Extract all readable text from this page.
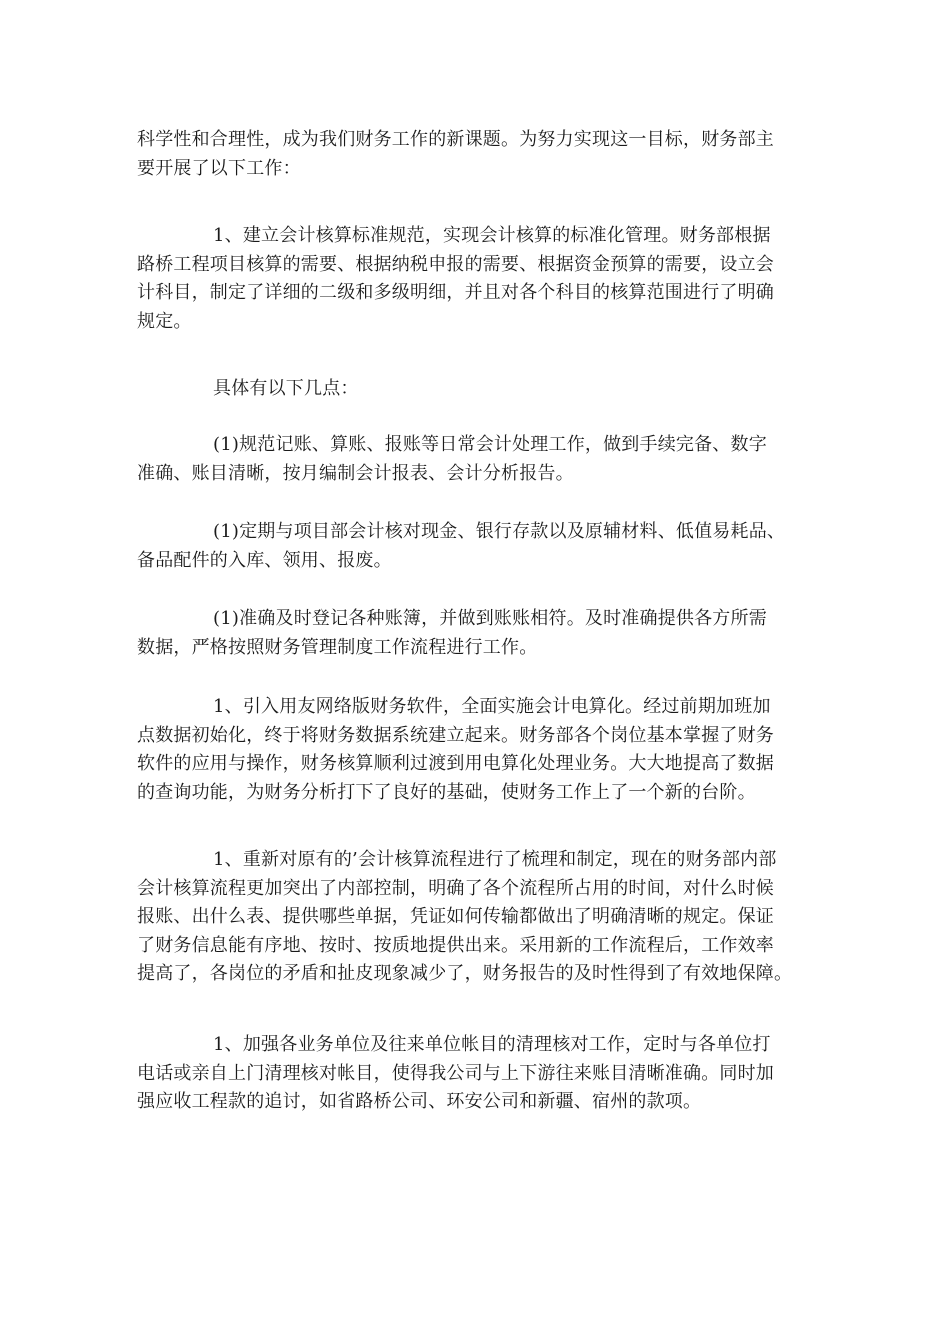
科学性和合理性，成为我们财务工作的新课题。为努力实现这一目标，财务部主
要开展了以下工作：

1、建立会计核算标准规范，实现会计核算的标准化管理。财务部根据
路桥工程项目核算的需要、根据纳税申报的需要、根据资金预算的需要，设立会
计科目，制定了详细的二级和多级明细，并且对各个科目的核算范围进行了明确
规定。

具体有以下几点：

(1)规范记账、算账、报账等日常会计处理工作，做到手续完备、数字
准确、账目清晰，按月编制会计报表、会计分析报告。

(1)定期与项目部会计核对现金、银行存款以及原辅材料、低值易耗品、
备品配件的入库、领用、报废。

(1)准确及时登记各种账簿，并做到账账相符。及时准确提供各方所需
数据，严格按照财务管理制度工作流程进行工作。

1、引入用友网络版财务软件，全面实施会计电算化。经过前期加班加
点数据初始化，终于将财务数据系统建立起来。财务部各个岗位基本掌握了财务
软件的应用与操作，财务核算顺利过渡到用电算化处理业务。大大地提高了数据
的查询功能，为财务分析打下了良好的基础，使财务工作上了一个新的台阶。

1、重新对原有的’会计核算流程进行了梳理和制定，现在的财务部内部
会计核算流程更加突出了内部控制，明确了各个流程所占用的时间，对什么时候
报账、出什么表、提供哪些单据，凭证如何传输都做出了明确清晰的规定。保证
了财务信息能有序地、按时、按质地提供出来。采用新的工作流程后，工作效率
提高了，各岗位的矛盾和扯皮现象减少了，财务报告的及时性得到了有效地保障。

1、加强各业务单位及往来单位帐目的清理核对工作，定时与各单位打
电话或亲自上门清理核对帐目，使得我公司与上下游往来账目清晰准确。同时加
强应收工程款的追讨，如省路桥公司、环安公司和新疆、宿州的款项。
